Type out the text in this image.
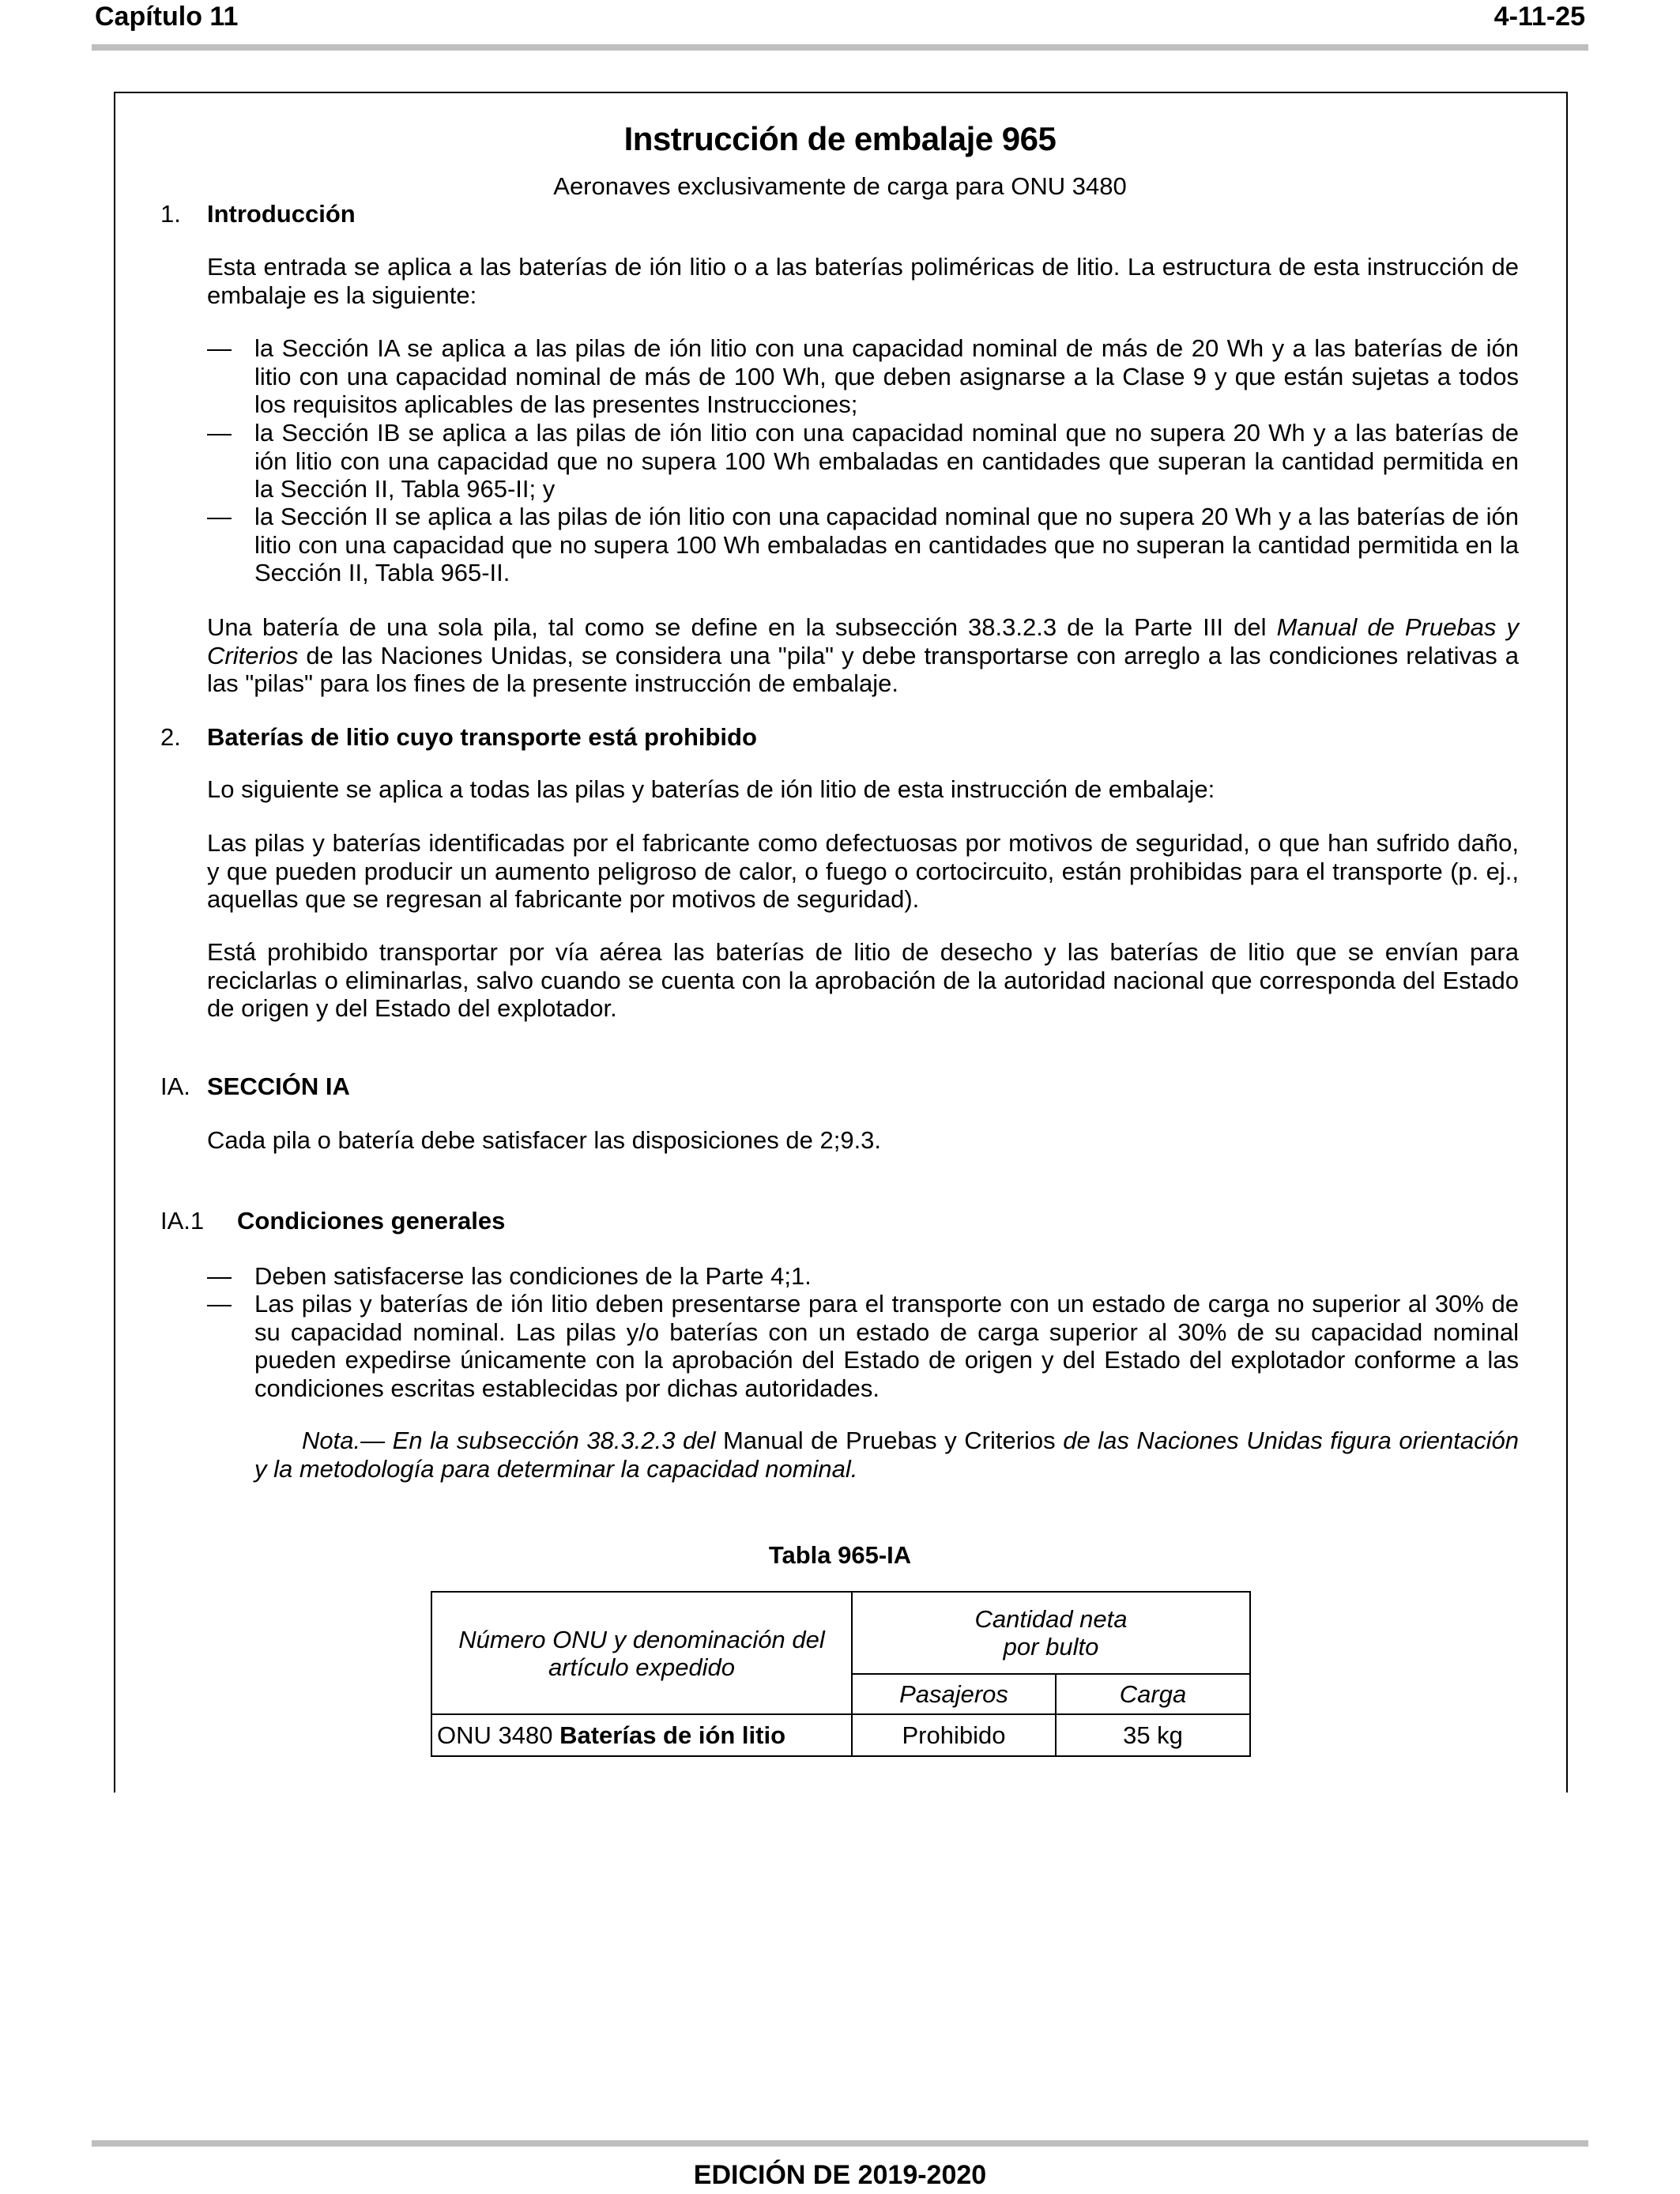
Capítulo 11	4-11-25
Instrucción de embalaje 965
Aeronaves exclusivamente de carga para ONU 3480
1. Introducción
Esta entrada se aplica a las baterías de ión litio o a las baterías poliméricas de litio. La estructura de esta instrucción de embalaje es la siguiente:
— la Sección IA se aplica a las pilas de ión litio con una capacidad nominal de más de 20 Wh y a las baterías de ión litio con una capacidad nominal de más de 100 Wh, que deben asignarse a la Clase 9 y que están sujetas a todos los requisitos aplicables de las presentes Instrucciones;
— la Sección IB se aplica a las pilas de ión litio con una capacidad nominal que no supera 20 Wh y a las baterías de ión litio con una capacidad que no supera 100 Wh embaladas en cantidades que superan la cantidad permitida en la Sección II, Tabla 965-II; y
— la Sección II se aplica a las pilas de ión litio con una capacidad nominal que no supera 20 Wh y a las baterías de ión litio con una capacidad que no supera 100 Wh embaladas en cantidades que no superan la cantidad permitida en la Sección II, Tabla 965-II.
Una batería de una sola pila, tal como se define en la subsección 38.3.2.3 de la Parte III del Manual de Pruebas y Criterios de las Naciones Unidas, se considera una "pila" y debe transportarse con arreglo a las condiciones relativas a las "pilas" para los fines de la presente instrucción de embalaje.
2. Baterías de litio cuyo transporte está prohibido
Lo siguiente se aplica a todas las pilas y baterías de ión litio de esta instrucción de embalaje:
Las pilas y baterías identificadas por el fabricante como defectuosas por motivos de seguridad, o que han sufrido daño, y que pueden producir un aumento peligroso de calor, o fuego o cortocircuito, están prohibidas para el transporte (p. ej., aquellas que se regresan al fabricante por motivos de seguridad).
Está prohibido transportar por vía aérea las baterías de litio de desecho y las baterías de litio que se envían para reciclarlas o eliminarlas, salvo cuando se cuenta con la aprobación de la autoridad nacional que corresponda del Estado de origen y del Estado del explotador.
IA. SECCIÓN IA
Cada pila o batería debe satisfacer las disposiciones de 2;9.3.
IA.1 Condiciones generales
— Deben satisfacerse las condiciones de la Parte 4;1.
— Las pilas y baterías de ión litio deben presentarse para el transporte con un estado de carga no superior al 30% de su capacidad nominal. Las pilas y/o baterías con un estado de carga superior al 30% de su capacidad nominal pueden expedirse únicamente con la aprobación del Estado de origen y del Estado del explotador conforme a las condiciones escritas establecidas por dichas autoridades.
Nota.— En la subsección 38.3.2.3 del Manual de Pruebas y Criterios de las Naciones Unidas figura orientación y la metodología para determinar la capacidad nominal.
Tabla 965-IA
Número ONU y denominación del artículo expedido	Cantidad neta
por bulto	
	Pasajeros	Carga
ONU 3480 Baterías de ión litio	Prohibido	35 kg
EDICIÓN DE 2019-2020
